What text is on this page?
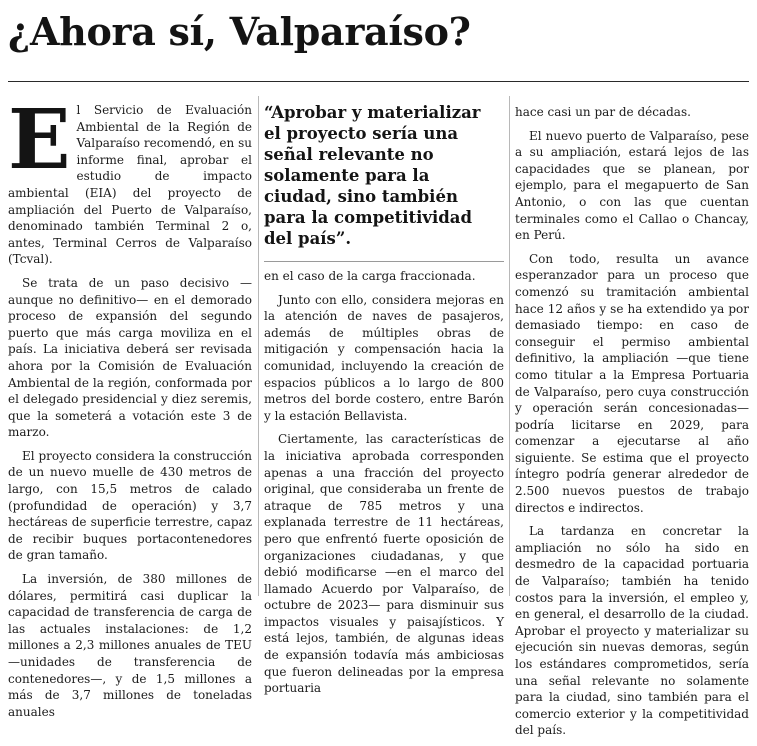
¿Ahora sí, Valparaíso?

El Servicio de Evaluación Ambiental de la Región de Valparaíso recomendó, en su informe final, aprobar el estudio de impacto ambiental (EIA) del proyecto de ampliación del Puerto de Valparaíso, denominado también Terminal 2 o, antes, Terminal Cerros de Valparaíso (Tcval).

Se trata de un paso decisivo —aunque no definitivo— en el demorado proceso de expansión del segundo puerto que más carga moviliza en el país. La iniciativa deberá ser revisada ahora por la Comisión de Evaluación Ambiental de la región, conformada por el delegado presidencial y diez seremis, que la someterá a votación este 3 de marzo.

El proyecto considera la construcción de un nuevo muelle de 430 metros de largo, con 15,5 metros de calado (profundidad de operación) y 3,7 hectáreas de superficie terrestre, capaz de recibir buques portacontenedores de gran tamaño.

La inversión, de 380 millones de dólares, permitirá casi duplicar la capacidad de transferencia de carga de las actuales instalaciones: de 1,2 millones a 2,3 millones anuales de TEU —unidades de transferencia de contenedores—, y de 1,5 millones a más de 3,7 millones de toneladas anuales

“Aprobar y materializar el proyecto sería una señal relevante no solamente para la ciudad, sino también para la competitividad del país”.

en el caso de la carga fraccionada.

Junto con ello, considera mejoras en la atención de naves de pasajeros, además de múltiples obras de mitigación y compensación hacia la comunidad, incluyendo la creación de espacios públicos a lo largo de 800 metros del borde costero, entre Barón y la estación Bellavista.

Ciertamente, las características de la iniciativa aprobada corresponden apenas a una fracción del proyecto original, que consideraba un frente de atraque de 785 metros y una explanada terrestre de 11 hectáreas, pero que enfrentó fuerte oposición de organizaciones ciudadanas, y que debió modificarse —en el marco del llamado Acuerdo por Valparaíso, de octubre de 2023— para disminuir sus impactos visuales y paisajísticos. Y está lejos, también, de algunas ideas de expansión todavía más ambiciosas que fueron delineadas por la empresa portuaria

hace casi un par de décadas.

El nuevo puerto de Valparaíso, pese a su ampliación, estará lejos de las capacidades que se planean, por ejemplo, para el megapuerto de San Antonio, o con las que cuentan terminales como el Callao o Chancay, en Perú.

Con todo, resulta un avance esperanzador para un proceso que comenzó su tramitación ambiental hace 12 años y se ha extendido ya por demasiado tiempo: en caso de conseguir el permiso ambiental definitivo, la ampliación —que tiene como titular a la Empresa Portuaria de Valparaíso, pero cuya construcción y operación serán concesionadas— podría licitarse en 2029, para comenzar a ejecutarse al año siguiente. Se estima que el proyecto íntegro podría generar alrededor de 2.500 nuevos puestos de trabajo directos e indirectos.

La tardanza en concretar la ampliación no sólo ha sido en desmedro de la capacidad portuaria de Valparaíso; también ha tenido costos para la inversión, el empleo y, en general, el desarrollo de la ciudad. Aprobar el proyecto y materializar su ejecución sin nuevas demoras, según los estándares comprometidos, sería una señal relevante no solamente para la ciudad, sino también para el comercio exterior y la competitividad del país.
